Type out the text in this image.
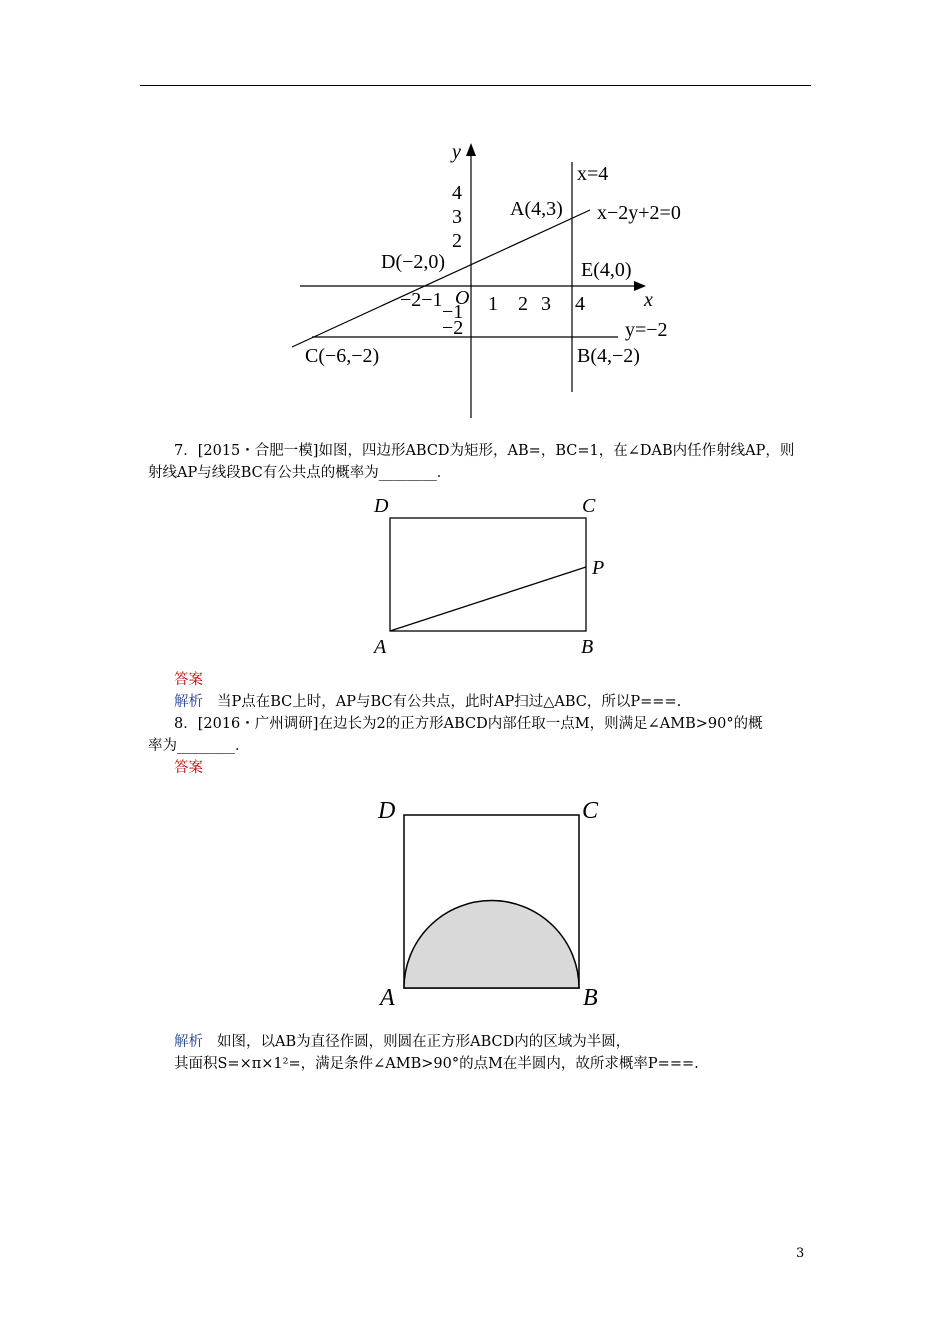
y
x
4
3
2
−1
−2
−2−1 O 1 2 3 4
x=4
A(4,3) x−2y+2=0
D(−2,0)	E(4,0)
y=−2
C(−6,−2)	B(4,−2)
7．[2015・合肥一模]如图，四边形ABCD为矩形，AB=，BC=1，在∠DAB内任作射线AP，则
射线AP与线段BC有公共点的概率为________．
D	C
P
A	B
答案
解析 当P点在BC上时，AP与BC有公共点，此时AP扫过△ABC，所以P===.
8．[2016・广州调研]在边长为2的正方形ABCD内部任取一点M，则满足∠AMB>90°的概
率为________．
答案
D	C
A	B
解析 如图，以AB为直径作圆，则圆在正方形ABCD内的区域为半圆，
其面积S=×π×1²=，满足条件∠AMB>90°的点M在半圆内，故所求概率P===.
3
